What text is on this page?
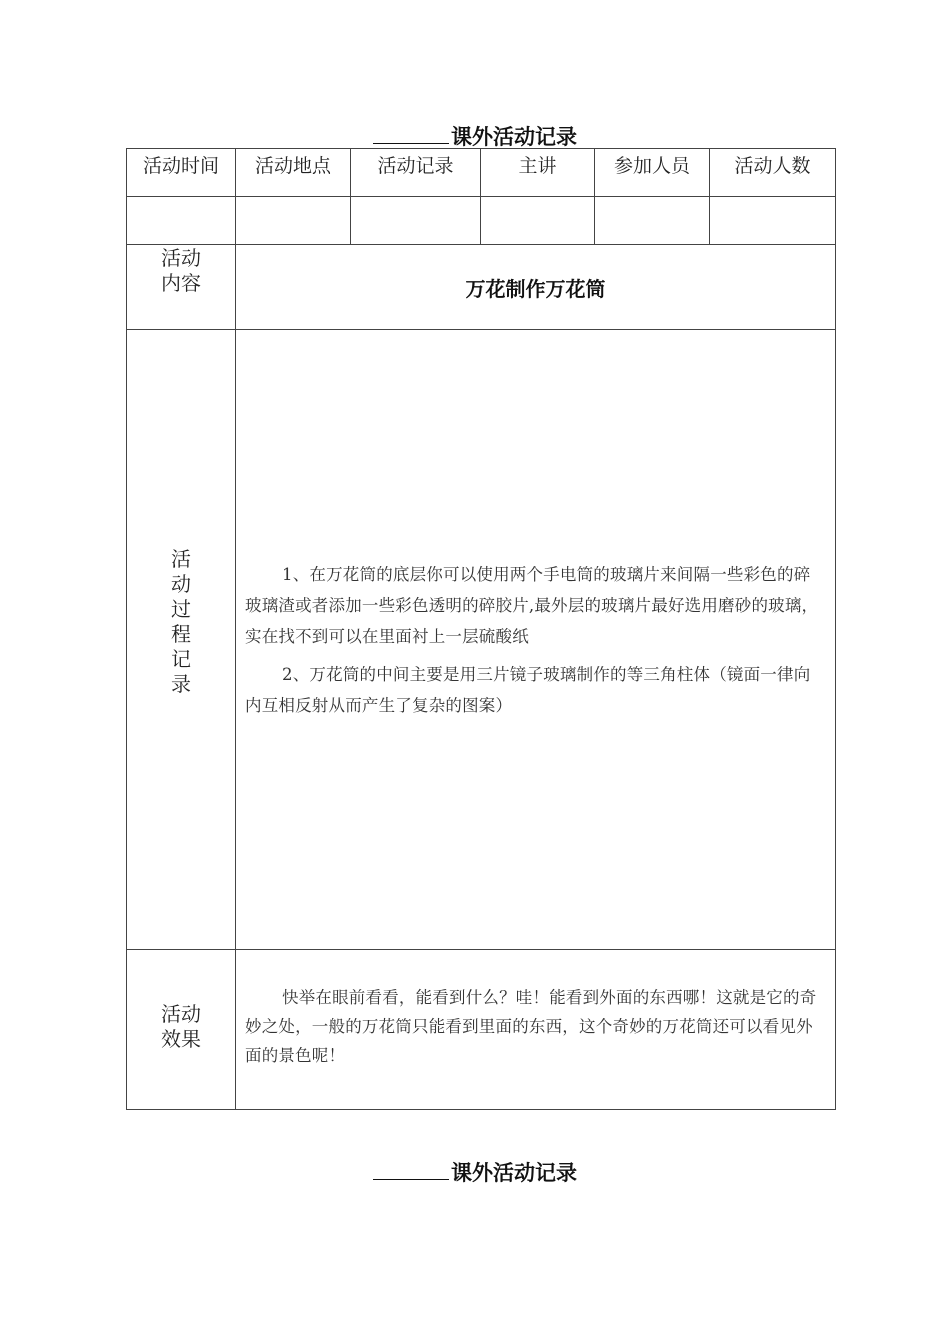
课外活动记录
活动时间	活动地点	活动记录	主讲	参加人员	活动人数

活动内容	万花制作万花筒				

活动过程记录	1、在万花筒的底层你可以使用两个手电筒的玻璃片来间隔一些彩色的碎玻璃渣或者添加一些彩色透明的碎胶片,最外层的玻璃片最好选用磨砂的玻璃，实在找不到可以在里面衬上一层硫酸纸

2、万花筒的中间主要是用三片镜子玻璃制作的等三角柱体（镜面一律向内互相反射从而产生了复杂的图案）				

活动效果	快举在眼前看看，能看到什么？哇！能看到外面的东西哪！这就是它的奇妙之处，一般的万花筒只能看到里面的东西，这个奇妙的万花筒还可以看见外面的景色呢！				

课外活动记录
